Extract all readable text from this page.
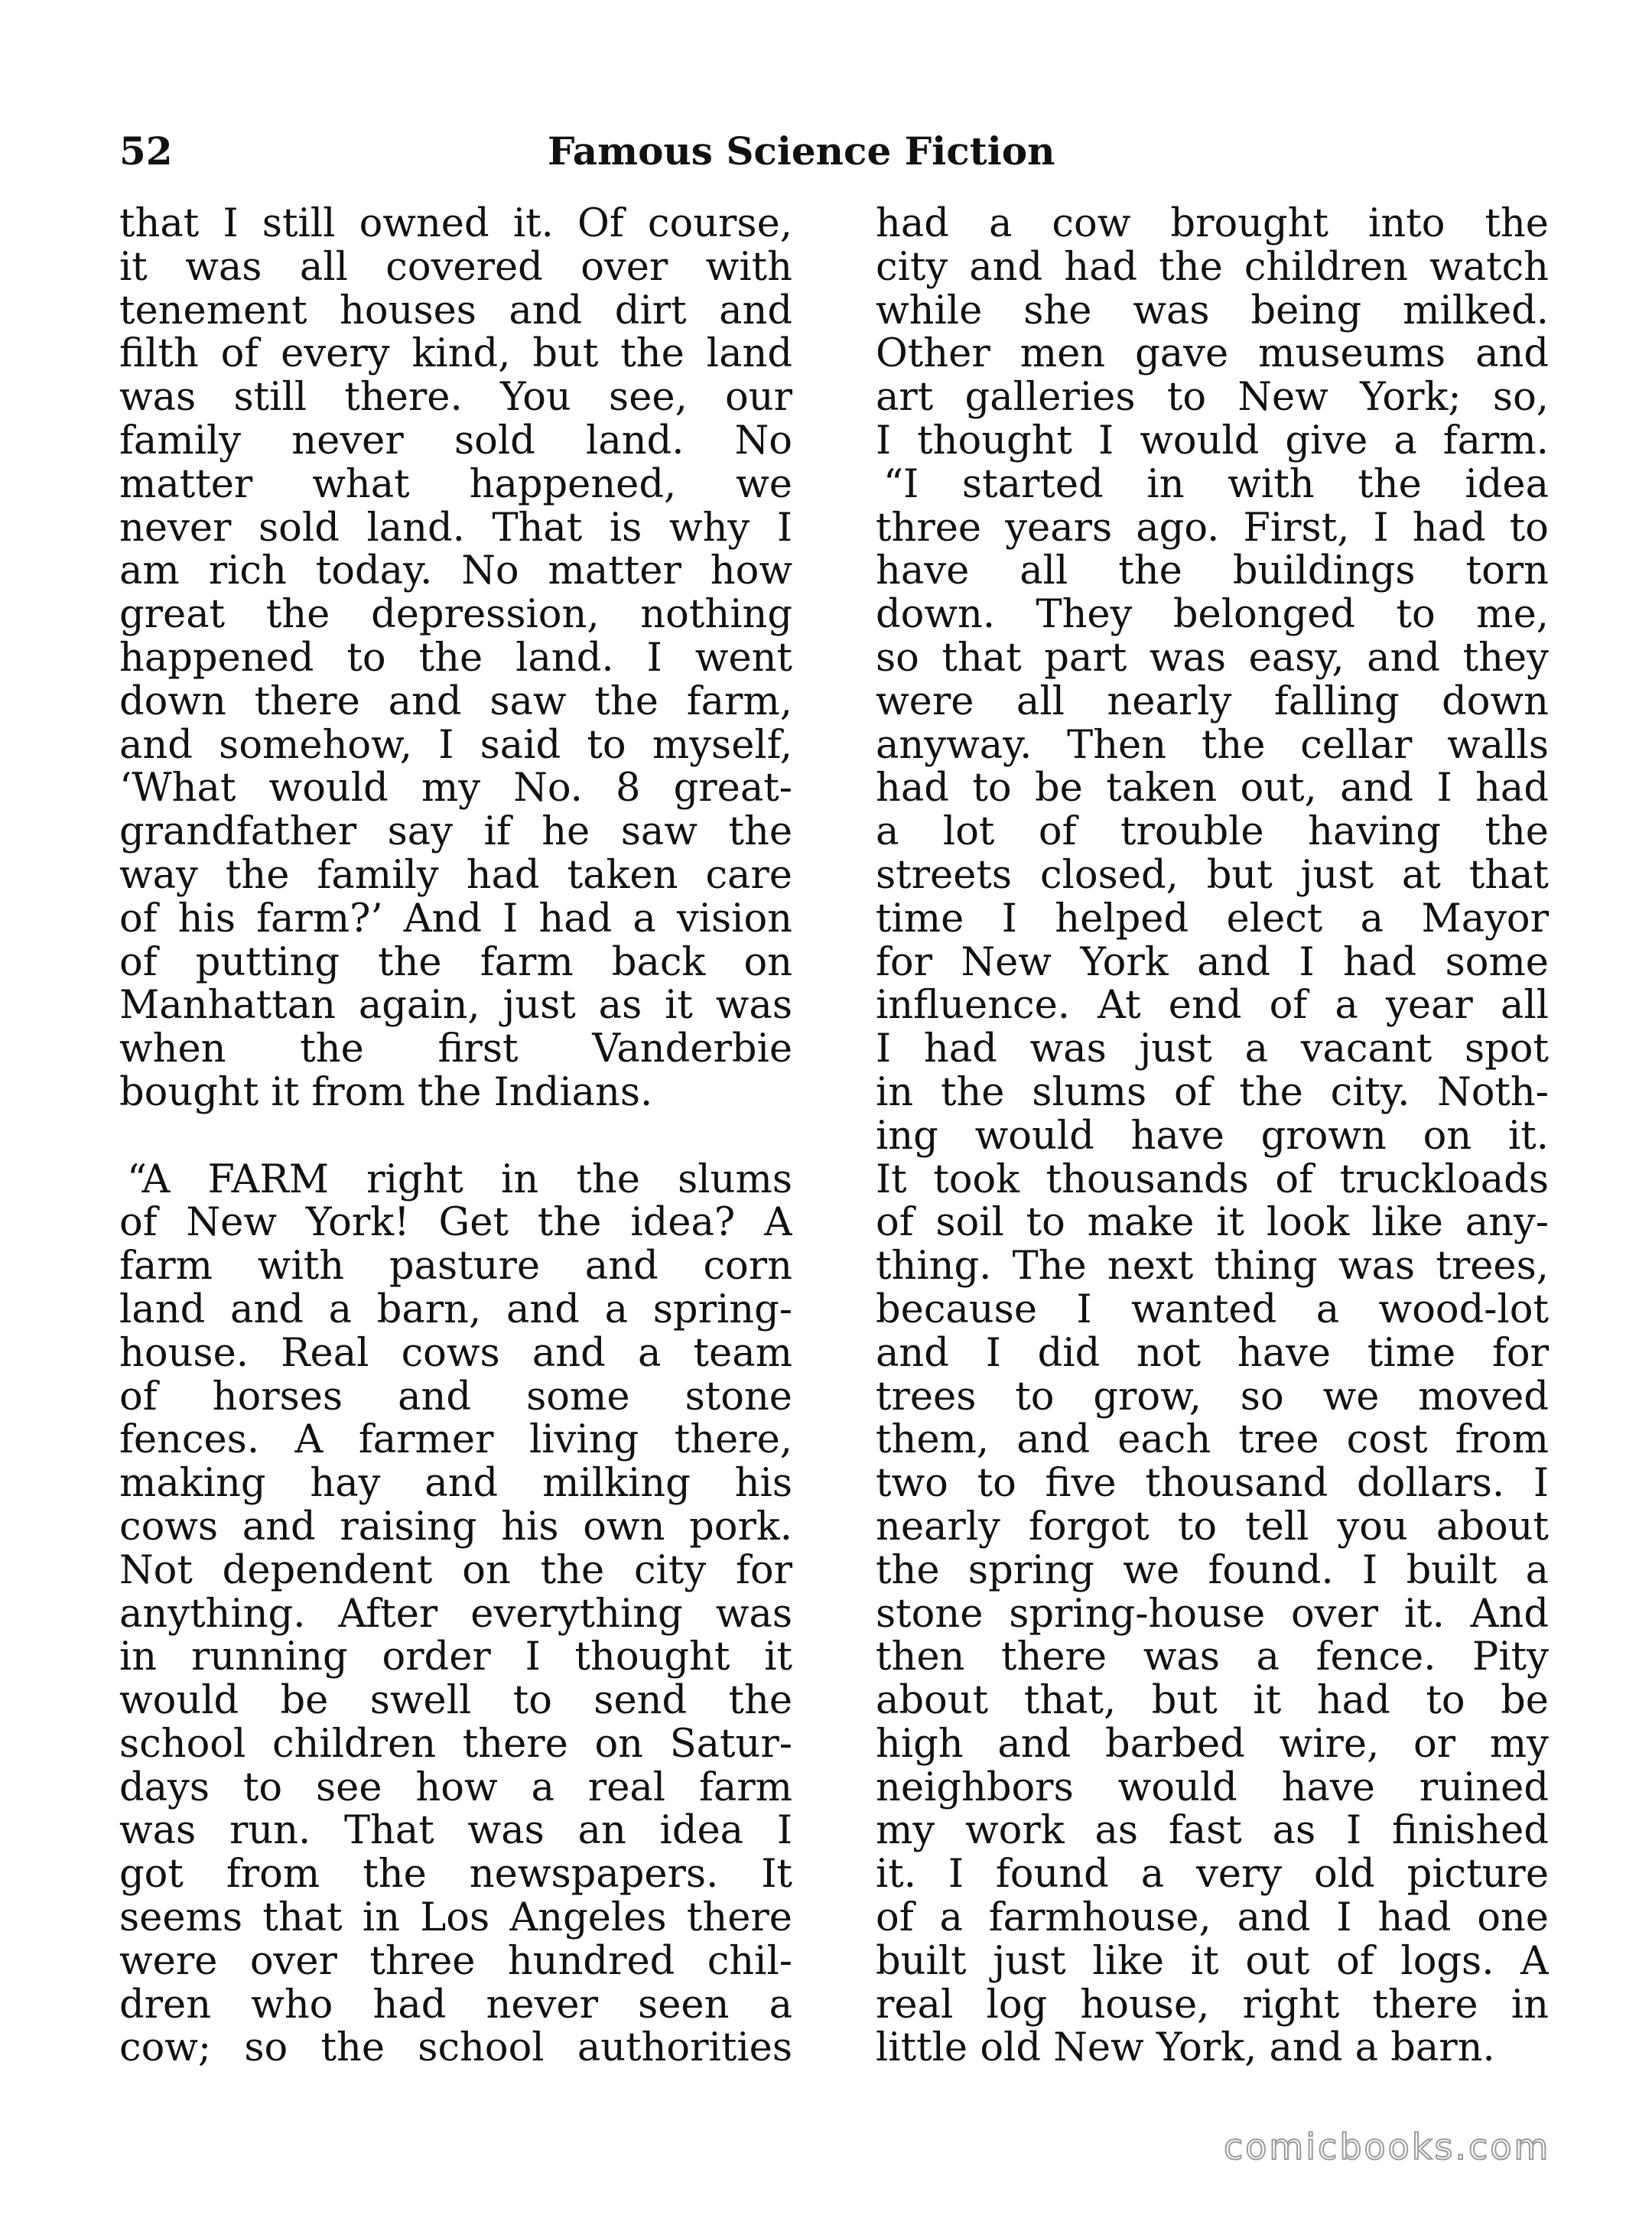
52	Famous Science Fiction
that I still owned it. Of course,
it was all covered over with
tenement houses and dirt and
filth of every kind, but the land
was still there. You see, our
family never sold land. No
matter what happened, we
never sold land. That is why I
am rich today. No matter how
great the depression, nothing
happened to the land. I went
down there and saw the farm,
and somehow, I said to myself,
‘What would my No. 8 great-
grandfather say if he saw the
way the family had taken care
of his farm?’ And I had a vision
of putting the farm back on
Manhattan again, just as it was
when the first Vanderbie
bought it from the Indians.
“A FARM right in the slums
of New York! Get the idea? A
farm with pasture and corn
land and a barn, and a spring-
house. Real cows and a team
of horses and some stone
fences. A farmer living there,
making hay and milking his
cows and raising his own pork.
Not dependent on the city for
anything. After everything was
in running order I thought it
would be swell to send the
school children there on Satur-
days to see how a real farm
was run. That was an idea I
got from the newspapers. It
seems that in Los Angeles there
were over three hundred chil-
dren who had never seen a
cow; so the school authorities
had a cow brought into the
city and had the children watch
while she was being milked.
Other men gave museums and
art galleries to New York; so,
I thought I would give a farm.
“I started in with the idea
three years ago. First, I had to
have all the buildings torn
down. They belonged to me,
so that part was easy, and they
were all nearly falling down
anyway. Then the cellar walls
had to be taken out, and I had
a lot of trouble having the
streets closed, but just at that
time I helped elect a Mayor
for New York and I had some
influence. At end of a year all
I had was just a vacant spot
in the slums of the city. Noth-
ing would have grown on it.
It took thousands of truckloads
of soil to make it look like any-
thing. The next thing was trees,
because I wanted a wood-lot
and I did not have time for
trees to grow, so we moved
them, and each tree cost from
two to five thousand dollars. I
nearly forgot to tell you about
the spring we found. I built a
stone spring-house over it. And
then there was a fence. Pity
about that, but it had to be
high and barbed wire, or my
neighbors would have ruined
my work as fast as I finished
it. I found a very old picture
of a farmhouse, and I had one
built just like it out of logs. A
real log house, right there in
little old New York, and a barn.
comicbooks.com
